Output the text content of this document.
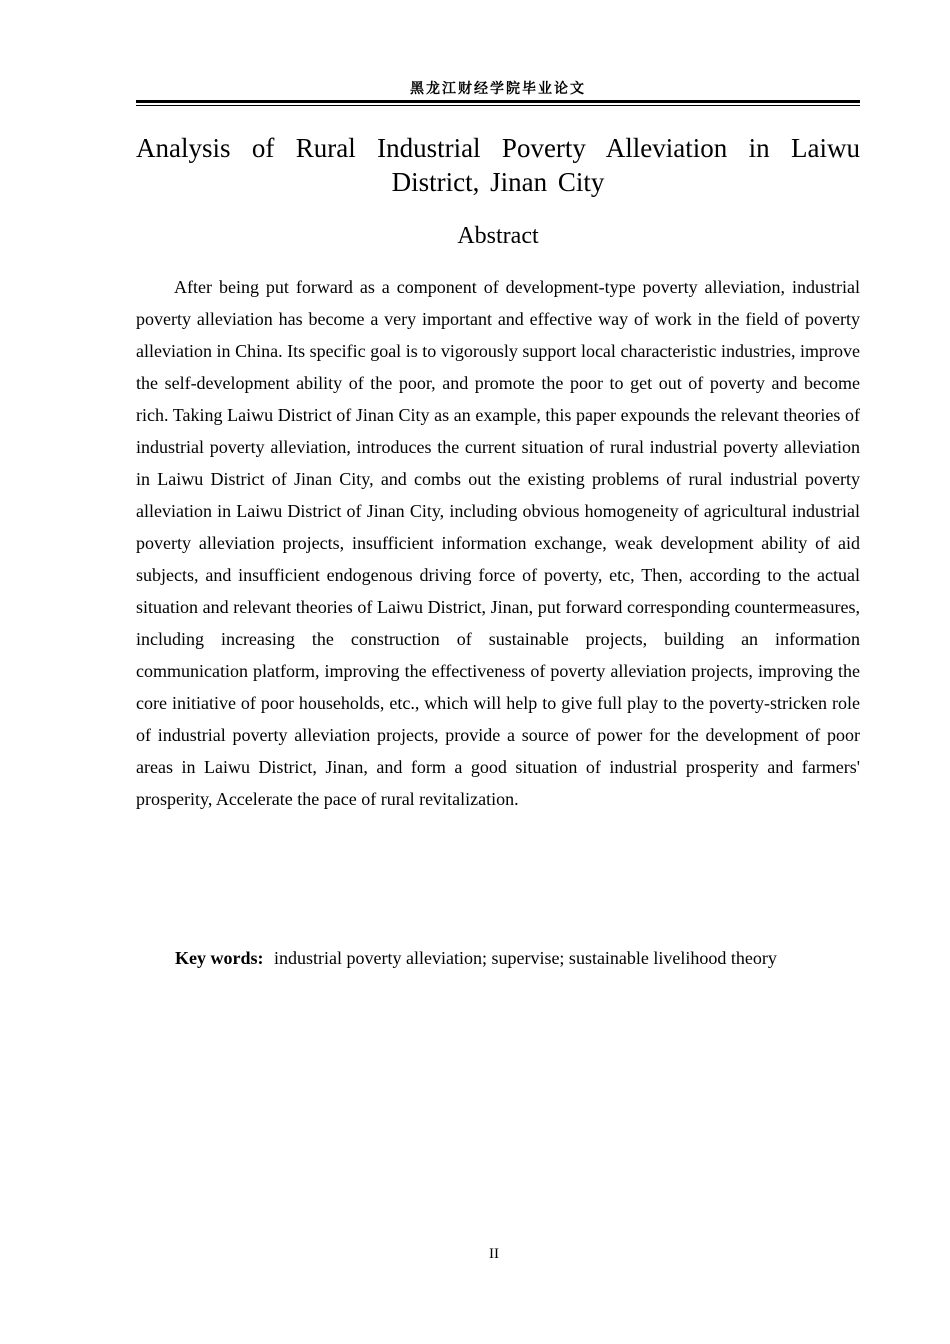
黑龙江财经学院毕业论文
Analysis of Rural Industrial Poverty Alleviation in Laiwu District, Jinan City
Abstract

After being put forward as a component of development-type poverty alleviation, industrial poverty alleviation has become a very important and effective way of work in the field of poverty alleviation in China. Its specific goal is to vigorously support local characteristic industries, improve the self-development ability of the poor, and promote the poor to get out of poverty and become rich. Taking Laiwu District of Jinan City as an example, this paper expounds the relevant theories of industrial poverty alleviation, introduces the current situation of rural industrial poverty alleviation in Laiwu District of Jinan City, and combs out the existing problems of rural industrial poverty alleviation in Laiwu District of Jinan City, including obvious homogeneity of agricultural industrial poverty alleviation projects, insufficient information exchange, weak development ability of aid subjects, and insufficient endogenous driving force of poverty, etc, Then, according to the actual situation and relevant theories of Laiwu District, Jinan, put forward corresponding countermeasures, including increasing the construction of sustainable projects, building an information communication platform, improving the effectiveness of poverty alleviation projects, improving the core initiative of poor households, etc., which will help to give full play to the poverty-stricken role of industrial poverty alleviation projects, provide a source of power for the development of poor areas in Laiwu District, Jinan, and form a good situation of industrial prosperity and farmers' prosperity, Accelerate the pace of rural revitalization.

Key words: industrial poverty alleviation; supervise; sustainable livelihood theory

II
